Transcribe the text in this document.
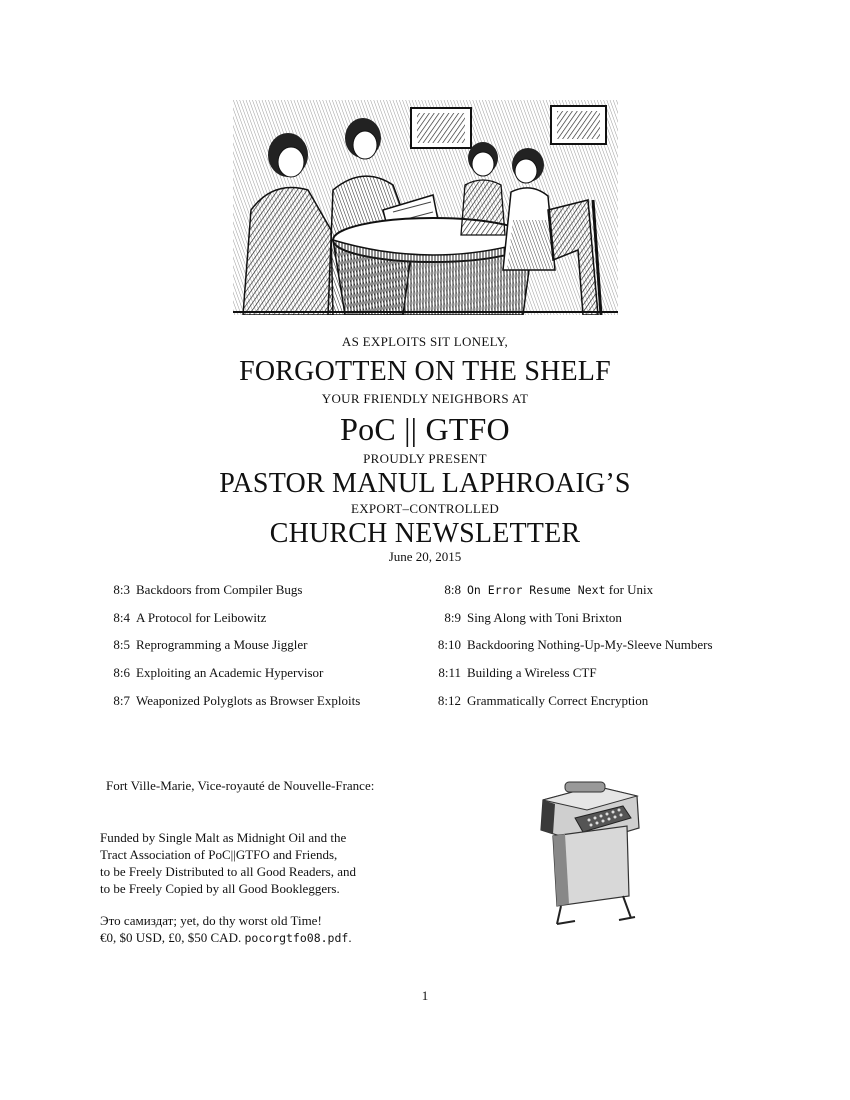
AS EXPLOITS SIT LONELY,
FORGOTTEN ON THE SHELF
YOUR FRIENDLY NEIGHBORS AT
PoC || GTFO
PROUDLY PRESENT
PASTOR MANUL LAPHROAIG’S
EXPORT–CONTROLLED
CHURCH NEWSLETTER
June 20, 2015
8:3 Backdoors from Compiler Bugs
8:4 A Protocol for Leibowitz
8:5 Reprogramming a Mouse Jiggler
8:6 Exploiting an Academic Hypervisor
8:7 Weaponized Polyglots as Browser Exploits
8:8 On Error Resume Next for Unix
8:9 Sing Along with Toni Brixton
8:10 Backdooring Nothing-Up-My-Sleeve Numbers
8:11 Building a Wireless CTF
8:12 Grammatically Correct Encryption
Fort Ville-Marie, Vice-royauté de Nouvelle-France:
Funded by Single Malt as Midnight Oil and the
Tract Association of PoC||GTFO and Friends,
to be Freely Distributed to all Good Readers, and
to be Freely Copied by all Good Bookleggers.
Это самиздат; yet, do thy worst old Time!
€0, $0 USD, £0, $50 CAD. pocorgtfo08.pdf.
1
